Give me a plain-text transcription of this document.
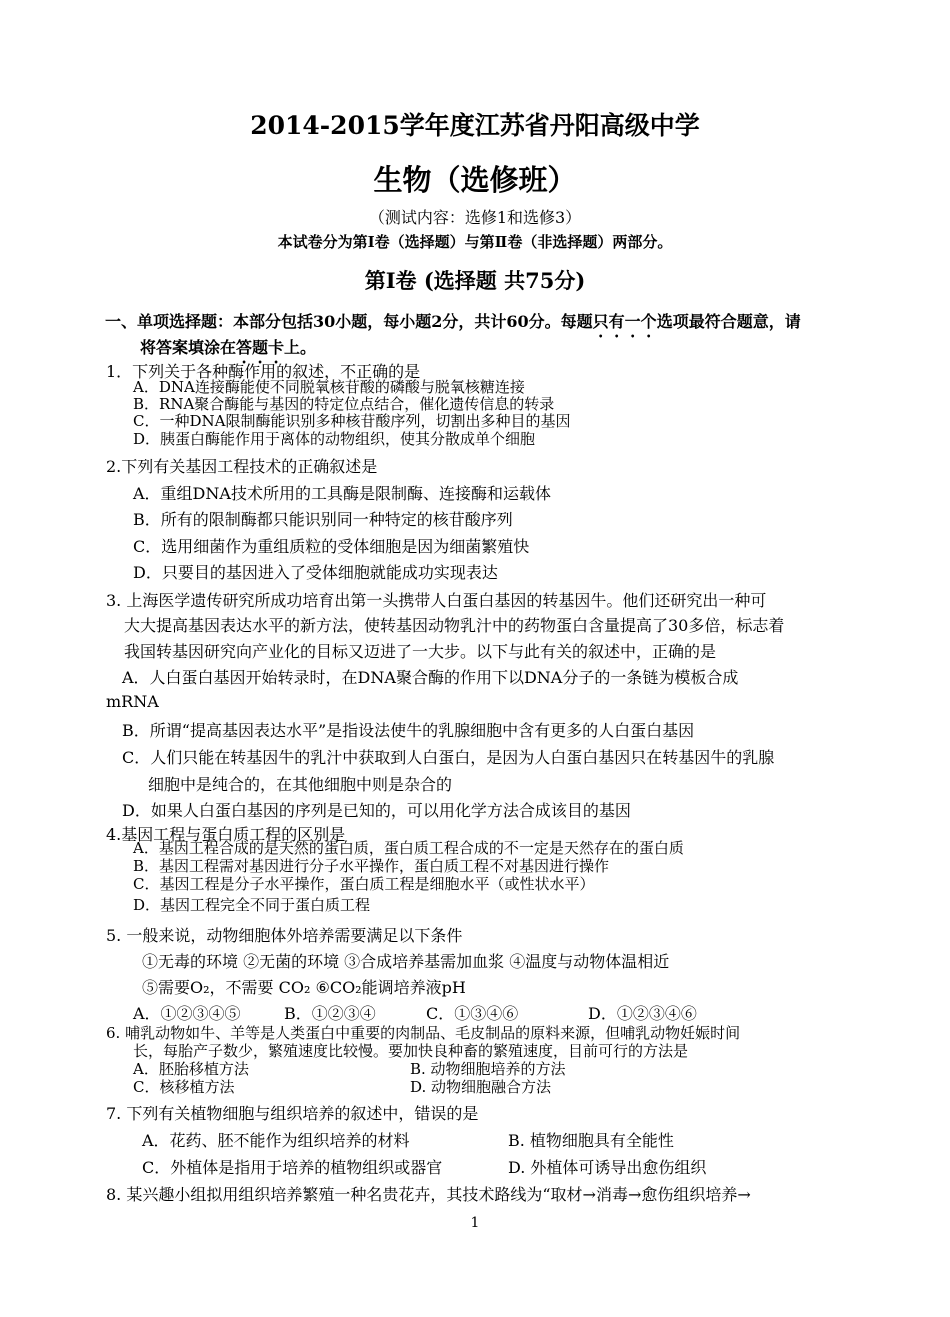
2014-2015学年度江苏省丹阳高级中学
生物（选修班）
（测试内容：选修1和选修3）
本试卷分为第Ⅰ卷（选择题）与第Ⅱ卷（非选择题）两部分。
第Ⅰ卷 (选择题 共75分)
一、单项选择题：本部分包括30小题，每小题2分，共计60分。每题只有一个选项最符合题意，请
将答案填涂在答题卡上。
1．下列关于各种酶作用的叙述，不正确的是
A．DNA连接酶能使不同脱氧核苷酸的磷酸与脱氧核糖连接
B．RNA聚合酶能与基因的特定位点结合，催化遗传信息的转录
C．一种DNA限制酶能识别多种核苷酸序列，切割出多种目的基因
D．胰蛋白酶能作用于离体的动物组织，使其分散成单个细胞
2.下列有关基因工程技术的正确叙述是
A．重组DNA技术所用的工具酶是限制酶、连接酶和运载体
B．所有的限制酶都只能识别同一种特定的核苷酸序列
C．选用细菌作为重组质粒的受体细胞是因为细菌繁殖快
D．只要目的基因进入了受体细胞就能成功实现表达
3. 上海医学遗传研究所成功培育出第一头携带人白蛋白基因的转基因牛。他们还研究出一种可
大大提高基因表达水平的新方法，使转基因动物乳汁中的药物蛋白含量提高了30多倍，标志着
我国转基因研究向产业化的目标又迈进了一大步。以下与此有关的叙述中，正确的是
A．人白蛋白基因开始转录时，在DNA聚合酶的作用下以DNA分子的一条链为模板合成
mRNA
B．所谓“提高基因表达水平”是指设法使牛的乳腺细胞中含有更多的人白蛋白基因
C．人们只能在转基因牛的乳汁中获取到人白蛋白，是因为人白蛋白基因只在转基因牛的乳腺
细胞中是纯合的，在其他细胞中则是杂合的
D．如果人白蛋白基因的序列是已知的，可以用化学方法合成该目的基因
4.基因工程与蛋白质工程的区别是
A．基因工程合成的是天然的蛋白质，蛋白质工程合成的不一定是天然存在的蛋白质
B．基因工程需对基因进行分子水平操作，蛋白质工程不对基因进行操作
C．基因工程是分子水平操作，蛋白质工程是细胞水平（或性状水平）
D．基因工程完全不同于蛋白质工程
5. 一般来说，动物细胞体外培养需要满足以下条件
①无毒的环境 ②无菌的环境 ③合成培养基需加血浆 ④温度与动物体温相近
⑤需要O₂，不需要 CO₂ ⑥CO₂能调培养液pH
A．①②③④⑤	B．①②③④	C．①③④⑥	D．①②③④⑥
6. 哺乳动物如牛、羊等是人类蛋白中重要的肉制品、毛皮制品的原料来源，但哺乳动物妊娠时间
长，每胎产子数少，繁殖速度比较慢。要加快良种畜的繁殖速度，目前可行的方法是
A．胚胎移植方法	B. 动物细胞培养的方法
C．核移植方法	D. 动物细胞融合方法
7. 下列有关植物细胞与组织培养的叙述中，错误的是
A．花药、胚不能作为组织培养的材料	B. 植物细胞具有全能性
C．外植体是指用于培养的植物组织或器官	D. 外植体可诱导出愈伤组织
8. 某兴趣小组拟用组织培养繁殖一种名贵花卉，其技术路线为“取材→消毒→愈伤组织培养→
1
